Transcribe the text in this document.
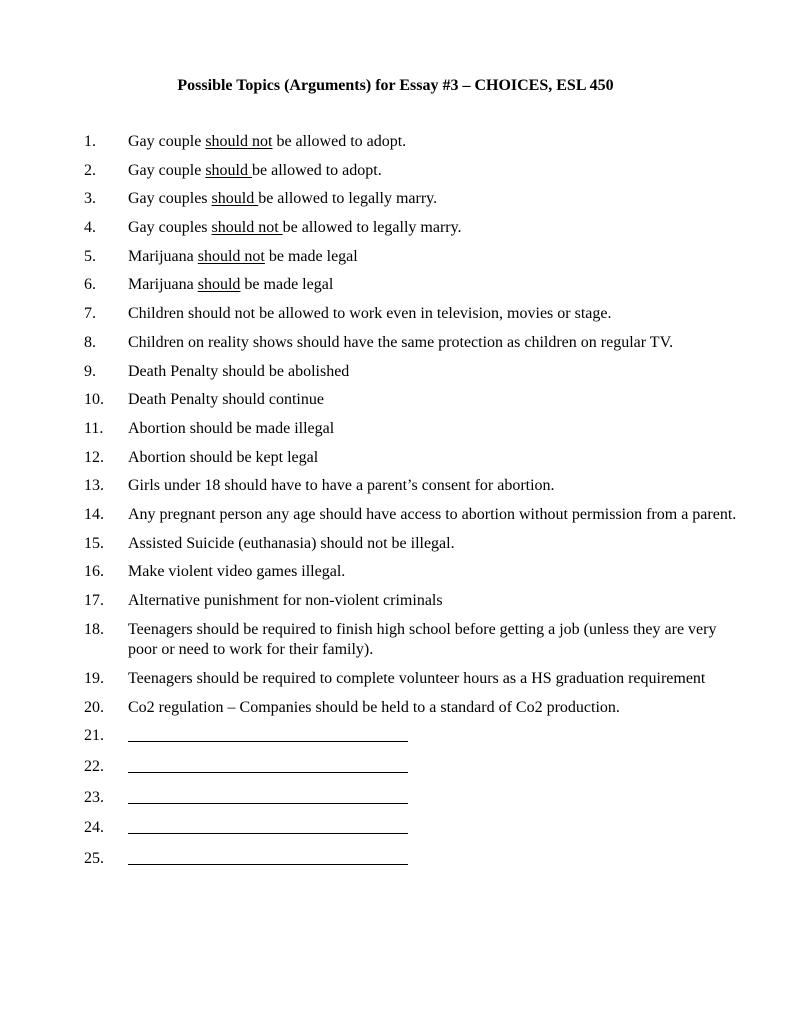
Possible Topics (Arguments) for Essay #3 – CHOICES, ESL 450
1.	Gay couple should not be allowed to adopt.
2.	Gay couple should be allowed to adopt.
3.	Gay couples should be allowed to legally marry.
4.	Gay couples should not be allowed to legally marry.
5.	Marijuana should not be made legal
6.	Marijuana should be made legal
7.	Children should not be allowed to work even in television, movies or stage.
8.	Children on reality shows should have the same protection as children on regular TV.
9.	Death Penalty should be abolished
10.	Death Penalty should continue
11.	Abortion should be made illegal
12.	Abortion should be kept legal
13.	Girls under 18 should have to have a parent’s consent for abortion.
14.	Any pregnant person any age should have access to abortion without permission from a parent.
15.	Assisted Suicide (euthanasia) should not be illegal.
16.	Make violent video games illegal.
17.	Alternative punishment for non-violent criminals
18.	Teenagers should be required to finish high school before getting a job (unless they are very poor or need to work for their family).
19.	Teenagers should be required to complete volunteer hours as a HS graduation requirement
20.	Co2 regulation – Companies should be held to a standard of Co2 production.
21.
22.
23.
24.
25.
